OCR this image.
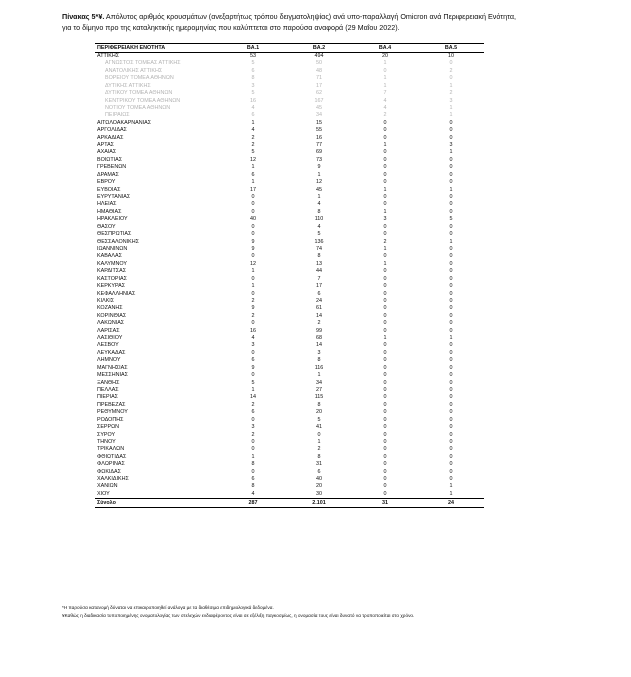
Πίνακας 5*¥. Απόλυτος αριθμός κρουσμάτων (ανεξαρτήτως τρόπου δειγματοληψίας) ανά υπο-παραλλαγή Omicron ανά Περιφερειακή Ενότητα,
για το δίμηνο προ της καταληκτικής ημερομηνίας που καλύπτεται στο παρούσα αναφορά (29 Μαΐου 2022).
ΠΕΡΙΦΕΡΕΙΑΚΗ ΕΝΟΤΗΤΑ	ΒΑ.1	ΒΑ.2	ΒΑ.4	ΒΑ.5
ΑΤΤΙΚΗΣ	53	494	20	10
ΑΓΝΩΣΤΟΣ ΤΟΜΕΑΣ ΑΤΤΙΚΗΣ	5	50	1	0
ΑΝΑΤΟΛΙΚΗΣ ΑΤΤΙΚΗΣ	6	48	0	2
ΒΟΡΕΙΟΥ ΤΟΜΕΑ ΑΘΗΝΩΝ	8	71	1	0
ΔΥΤΙΚΗΣ ΑΤΤΙΚΗΣ	3	17	1	1
ΔΥΤΙΚΟΥ ΤΟΜΕΑ ΑΘΗΝΩΝ	5	62	7	2
ΚΕΝΤΡΙΚΟΥ ΤΟΜΕΑ ΑΘΗΝΩΝ	16	167	4	3
ΝΟΤΙΟΥ ΤΟΜΕΑ ΑΘΗΝΩΝ	4	45	4	1
ΠΕΙΡΑΙΩΣ	6	34	2	1
ΑΙΤΩΛΟΑΚΑΡΝΑΝΙΑΣ	1	15	0	0
ΑΡΓΟΛΙΔΑΣ	4	55	0	0
ΑΡΚΑΔΙΑΣ	2	16	0	0
ΑΡΤΑΣ	2	77	1	3
ΑΧΑΪΑΣ	5	69	0	1
ΒΟΙΩΤΙΑΣ	12	73	0	0
ΓΡΕΒΕΝΩΝ	1	9	0	0
ΔΡΑΜΑΣ	6	1	0	0
ΕΒΡΟΥ	1	12	0	0
ΕΥΒΟΙΑΣ	17	45	1	1
ΕΥΡΥΤΑΝΙΑΣ	0	1	0	0
ΗΛΕΙΑΣ	0	4	0	0
ΗΜΑΘΙΑΣ	0	8	1	0
ΗΡΑΚΛΕΙΟΥ	40	110	3	5
ΘΑΣΟΥ	0	4	0	0
ΘΕΣΠΡΩΤΙΑΣ	0	5	0	0
ΘΕΣΣΑΛΟΝΙΚΗΣ	9	136	2	1
ΙΩΑΝΝΙΝΩΝ	9	74	1	0
ΚΑΒΑΛΑΣ	0	8	0	0
ΚΑΛΥΜΝΟΥ	12	13	1	0
ΚΑΡΔΙΤΣΑΣ	1	44	0	0
ΚΑΣΤΟΡΙΑΣ	0	7	0	0
ΚΕΡΚΥΡΑΣ	1	17	0	0
ΚΕΦΑΛΛΗΝΙΑΣ	0	6	0	0
ΚΙΛΚΙΣ	2	24	0	0
ΚΟΖΑΝΗΣ	9	61	0	0
ΚΟΡΙΝΘΙΑΣ	2	14	0	0
ΛΑΚΩΝΙΑΣ	0	2	0	0
ΛΑΡΙΣΑΣ	16	99	0	0
ΛΑΣΙΘΙΟΥ	4	68	1	1
ΛΕΣΒΟΥ	3	14	0	0
ΛΕΥΚΑΔΑΣ	0	3	0	0
ΛΗΜΝΟΥ	6	8	0	0
ΜΑΓΝΗΣΙΑΣ	9	116	0	0
ΜΕΣΣΗΝΙΑΣ	0	1	0	0
ΞΑΝΘΗΣ	5	34	0	0
ΠΕΛΛΑΣ	1	27	0	0
ΠΙΕΡΙΑΣ	14	115	0	0
ΠΡΕΒΕΖΑΣ	2	8	0	0
ΡΕΘΥΜΝΟΥ	6	20	0	0
ΡΟΔΟΠΗΣ	0	5	0	0
ΣΕΡΡΩΝ	3	41	0	0
ΣΥΡΟΥ	2	0	0	0
ΤΗΝΟΥ	0	1	0	0
ΤΡΙΚΑΛΩΝ	0	2	0	0
ΦΘΙΩΤΙΔΑΣ	1	8	0	0
ΦΛΩΡΙΝΑΣ	8	31	0	0
ΦΩΚΙΔΑΣ	0	6	0	0
ΧΑΛΚΙΔΙΚΗΣ	6	40	0	0
ΧΑΝΙΩΝ	8	20	0	1
ΧΙΟΥ	4	30	0	1
Σύνολο	287	2.101	31	24
*Η παρούσα κατανομή δύναται να επικαιροποιηθεί ανάλογα με τα διαθέσιμα επιδημιολογικά δεδομένα.
¥Καθώς η διαδικασία τυποποιημένης ονοματολογίας των στελεχών ενδιαφέροντος είναι σε εξέλιξη παγκοσμίως, η ονομασία τους είναι δυνατό να τροποποιείται στο χρόνο.
